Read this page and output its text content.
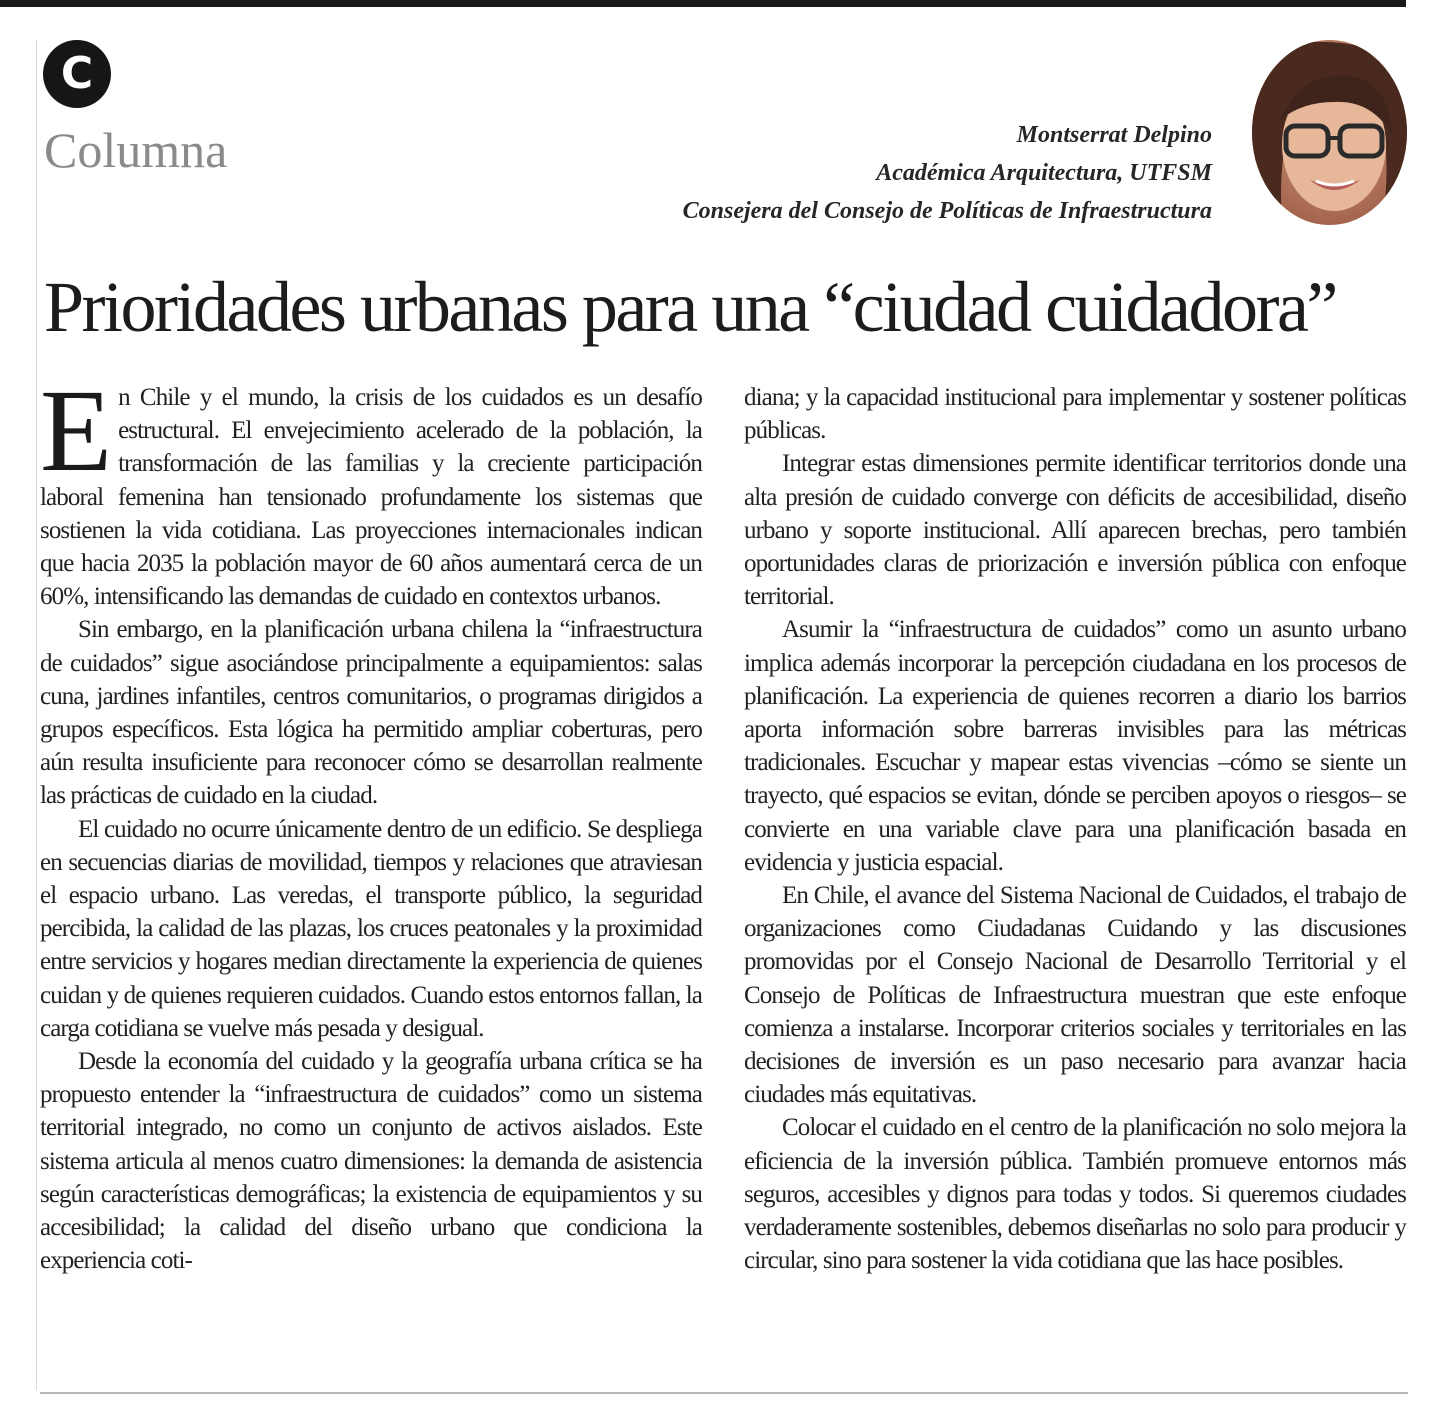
C
Columna	Montserrat Delpino
Académica Arquitectura, UTFSM
Consejera del Consejo de Políticas de Infraestructura
Prioridades urbanas para una “ciudad cuidadora”

En Chile y el mundo, la crisis de los cuidados es un desafío estructural. El envejecimiento acelerado de la población, la transformación de las familias y la creciente participación laboral femenina han tensionado profundamente los sistemas que sostienen la vida cotidiana. Las proyecciones internacionales indican que hacia 2035 la población mayor de 60 años aumentará cerca de un 60%, intensificando las demandas de cuidado en contextos urbanos.

Sin embargo, en la planificación urbana chilena la “infraestructura de cuidados” sigue asociándose principalmente a equipamientos: salas cuna, jardines infantiles, centros comunitarios, o programas dirigidos a grupos específicos. Esta lógica ha permitido ampliar coberturas, pero aún resulta insuficiente para reconocer cómo se desarrollan realmente las prácticas de cuidado en la ciudad.

El cuidado no ocurre únicamente dentro de un edificio. Se despliega en secuencias diarias de movilidad, tiempos y relaciones que atraviesan el espacio urbano. Las veredas, el transporte público, la seguridad percibida, la calidad de las plazas, los cruces peatonales y la proximidad entre servicios y hogares median directamente la experiencia de quienes cuidan y de quienes requieren cuidados. Cuando estos entornos fallan, la carga cotidiana se vuelve más pesada y desigual.

Desde la economía del cuidado y la geografía urbana crítica se ha propuesto entender la “infraestructura de cuidados” como un sistema territorial integrado, no como un conjunto de activos aislados. Este sistema articula al menos cuatro dimensiones: la demanda de asistencia según características demográficas; la existencia de equipamientos y su accesibilidad; la calidad del diseño urbano que condiciona la experiencia coti-

diana; y la capacidad institucional para implementar y sostener políticas públicas.

Integrar estas dimensiones permite identificar territorios donde una alta presión de cuidado converge con déficits de accesibilidad, diseño urbano y soporte institucional. Allí aparecen brechas, pero también oportunidades claras de priorización e inversión pública con enfoque territorial.

Asumir la “infraestructura de cuidados” como un asunto urbano implica además incorporar la percepción ciudadana en los procesos de planificación. La experiencia de quienes recorren a diario los barrios aporta información sobre barreras invisibles para las métricas tradicionales. Escuchar y mapear estas vivencias –cómo se siente un trayecto, qué espacios se evitan, dónde se perciben apoyos o riesgos– se convierte en una variable clave para una planificación basada en evidencia y justicia espacial.

En Chile, el avance del Sistema Nacional de Cuidados, el trabajo de organizaciones como Ciudadanas Cuidando y las discusiones promovidas por el Consejo Nacional de Desarrollo Territorial y el Consejo de Políticas de Infraestructura muestran que este enfoque comienza a instalarse. Incorporar criterios sociales y territoriales en las decisiones de inversión es un paso necesario para avanzar hacia ciudades más equitativas.

Colocar el cuidado en el centro de la planificación no solo mejora la eficiencia de la inversión pública. También promueve entornos más seguros, accesibles y dignos para todas y todos. Si queremos ciudades verdaderamente sostenibles, debemos diseñarlas no solo para producir y circular, sino para sostener la vida cotidiana que las hace posibles.
